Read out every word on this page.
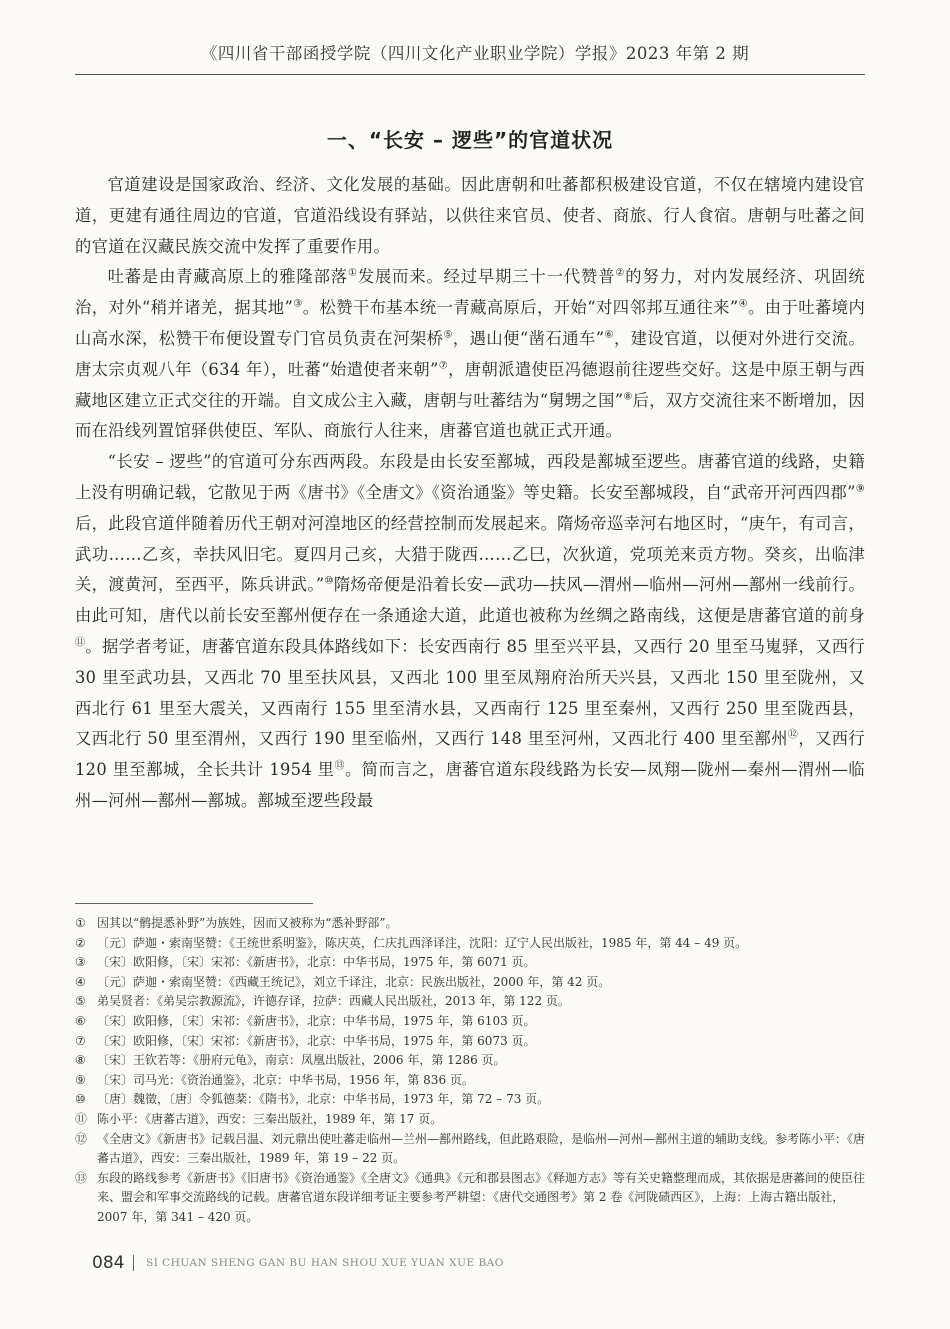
《四川省干部函授学院（四川文化产业职业学院）学报》2023 年第 2 期
一、“长安 – 逻些”的官道状况

官道建设是国家政治、经济、文化发展的基础。因此唐朝和吐蕃都积极建设官道，不仅在辖境内建设官道，更建有通往周边的官道，官道沿线设有驿站，以供往来官员、使者、商旅、行人食宿。唐朝与吐蕃之间的官道在汉藏民族交流中发挥了重要作用。

吐蕃是由青藏高原上的雅隆部落①发展而来。经过早期三十一代赞普②的努力，对内发展经济、巩固统治，对外“稍并诸羌，据其地”③。松赞干布基本统一青藏高原后，开始“对四邻邦互通往来”④。由于吐蕃境内山高水深，松赞干布便设置专门官员负责在河架桥⑤，遇山便“凿石通车”⑥，建设官道，以便对外进行交流。唐太宗贞观八年（634 年），吐蕃“始遣使者来朝”⑦，唐朝派遣使臣冯德遐前往逻些交好。这是中原王朝与西藏地区建立正式交往的开端。自文成公主入藏，唐朝与吐蕃结为“舅甥之国”⑧后，双方交流往来不断增加，因而在沿线列置馆驿供使臣、军队、商旅行人往来，唐蕃官道也就正式开通。

“长安 – 逻些”的官道可分东西两段。东段是由长安至鄯城，西段是鄯城至逻些。唐蕃官道的线路，史籍上没有明确记载，它散见于两《唐书》《全唐文》《资治通鉴》等史籍。长安至鄯城段，自“武帝开河西四郡”⑨后，此段官道伴随着历代王朝对河湟地区的经营控制而发展起来。隋炀帝巡幸河右地区时，“庚午，有司言，武功……乙亥，幸扶风旧宅。夏四月己亥，大猎于陇西……乙巳，次狄道，党项羌来贡方物。癸亥，出临津关，渡黄河，至西平，陈兵讲武。”⑩隋炀帝便是沿着长安—武功—扶风—渭州—临州—河州—鄯州一线前行。由此可知，唐代以前长安至鄯州便存在一条通途大道，此道也被称为丝绸之路南线，这便是唐蕃官道的前身⑪。据学者考证，唐蕃官道东段具体路线如下：长安西南行 85 里至兴平县，又西行 20 里至马嵬驿，又西行 30 里至武功县，又西北 70 里至扶风县，又西北 100 里至凤翔府治所天兴县，又西北 150 里至陇州，又西北行 61 里至大震关，又西南行 155 里至清水县，又西南行 125 里至秦州，又西行 250 里至陇西县，又西北行 50 里至渭州，又西行 190 里至临州，又西行 148 里至河州，又西北行 400 里至鄯州⑫，又西行 120 里至鄯城，全长共计 1954 里⑬。简而言之，唐蕃官道东段线路为长安—凤翔—陇州—秦州—渭州—临州—河州—鄯州—鄯城。鄯城至逻些段最

① 因其以“鹘提悉补野”为族姓，因而又被称为“悉补野部”。
② 〔元〕萨迦・索南坚赞：《王统世系明鉴》，陈庆英，仁庆扎西泽译注，沈阳：辽宁人民出版社，1985 年，第 44 – 49 页。
③ 〔宋〕欧阳修，〔宋〕宋祁：《新唐书》，北京：中华书局，1975 年，第 6071 页。
④ 〔元〕萨迦・索南坚赞：《西藏王统记》，刘立千译注，北京：民族出版社，2000 年，第 42 页。
⑤ 弟吴贤者：《弟吴宗教源流》，许德存译，拉萨：西藏人民出版社，2013 年，第 122 页。
⑥ 〔宋〕欧阳修，〔宋〕宋祁：《新唐书》，北京：中华书局，1975 年，第 6103 页。
⑦ 〔宋〕欧阳修，〔宋〕宋祁：《新唐书》，北京：中华书局，1975 年，第 6073 页。
⑧ 〔宋〕王钦若等：《册府元龟》，南京：凤凰出版社，2006 年，第 1286 页。
⑨ 〔宋〕司马光：《资治通鉴》，北京：中华书局，1956 年，第 836 页。
⑩ 〔唐〕魏徵，〔唐〕令狐德棻：《隋书》，北京：中华书局，1973 年，第 72 – 73 页。
⑪ 陈小平：《唐蕃古道》，西安：三秦出版社，1989 年，第 17 页。
⑫ 《全唐文》《新唐书》记载吕温、刘元鼎出使吐蕃走临州—兰州—鄯州路线，但此路艰险，是临州—河州—鄯州主道的辅助支线。参考陈小平：《唐蕃古道》，西安：三秦出版社，1989 年，第 19 – 22 页。
⑬ 东段的路线参考《新唐书》《旧唐书》《资治通鉴》《全唐文》《通典》《元和郡县图志》《释迦方志》等有关史籍整理而成，其依据是唐蕃间的使臣往来、盟会和军事交流路线的记载。唐蕃官道东段详细考证主要参考严耕望：《唐代交通图考》第 2 卷《河陇碛西区》，上海：上海古籍出版社，2007 年，第 341 – 420 页。
084 SI CHUAN SHENG GAN BU HAN SHOU XUE YUAN XUE BAO
